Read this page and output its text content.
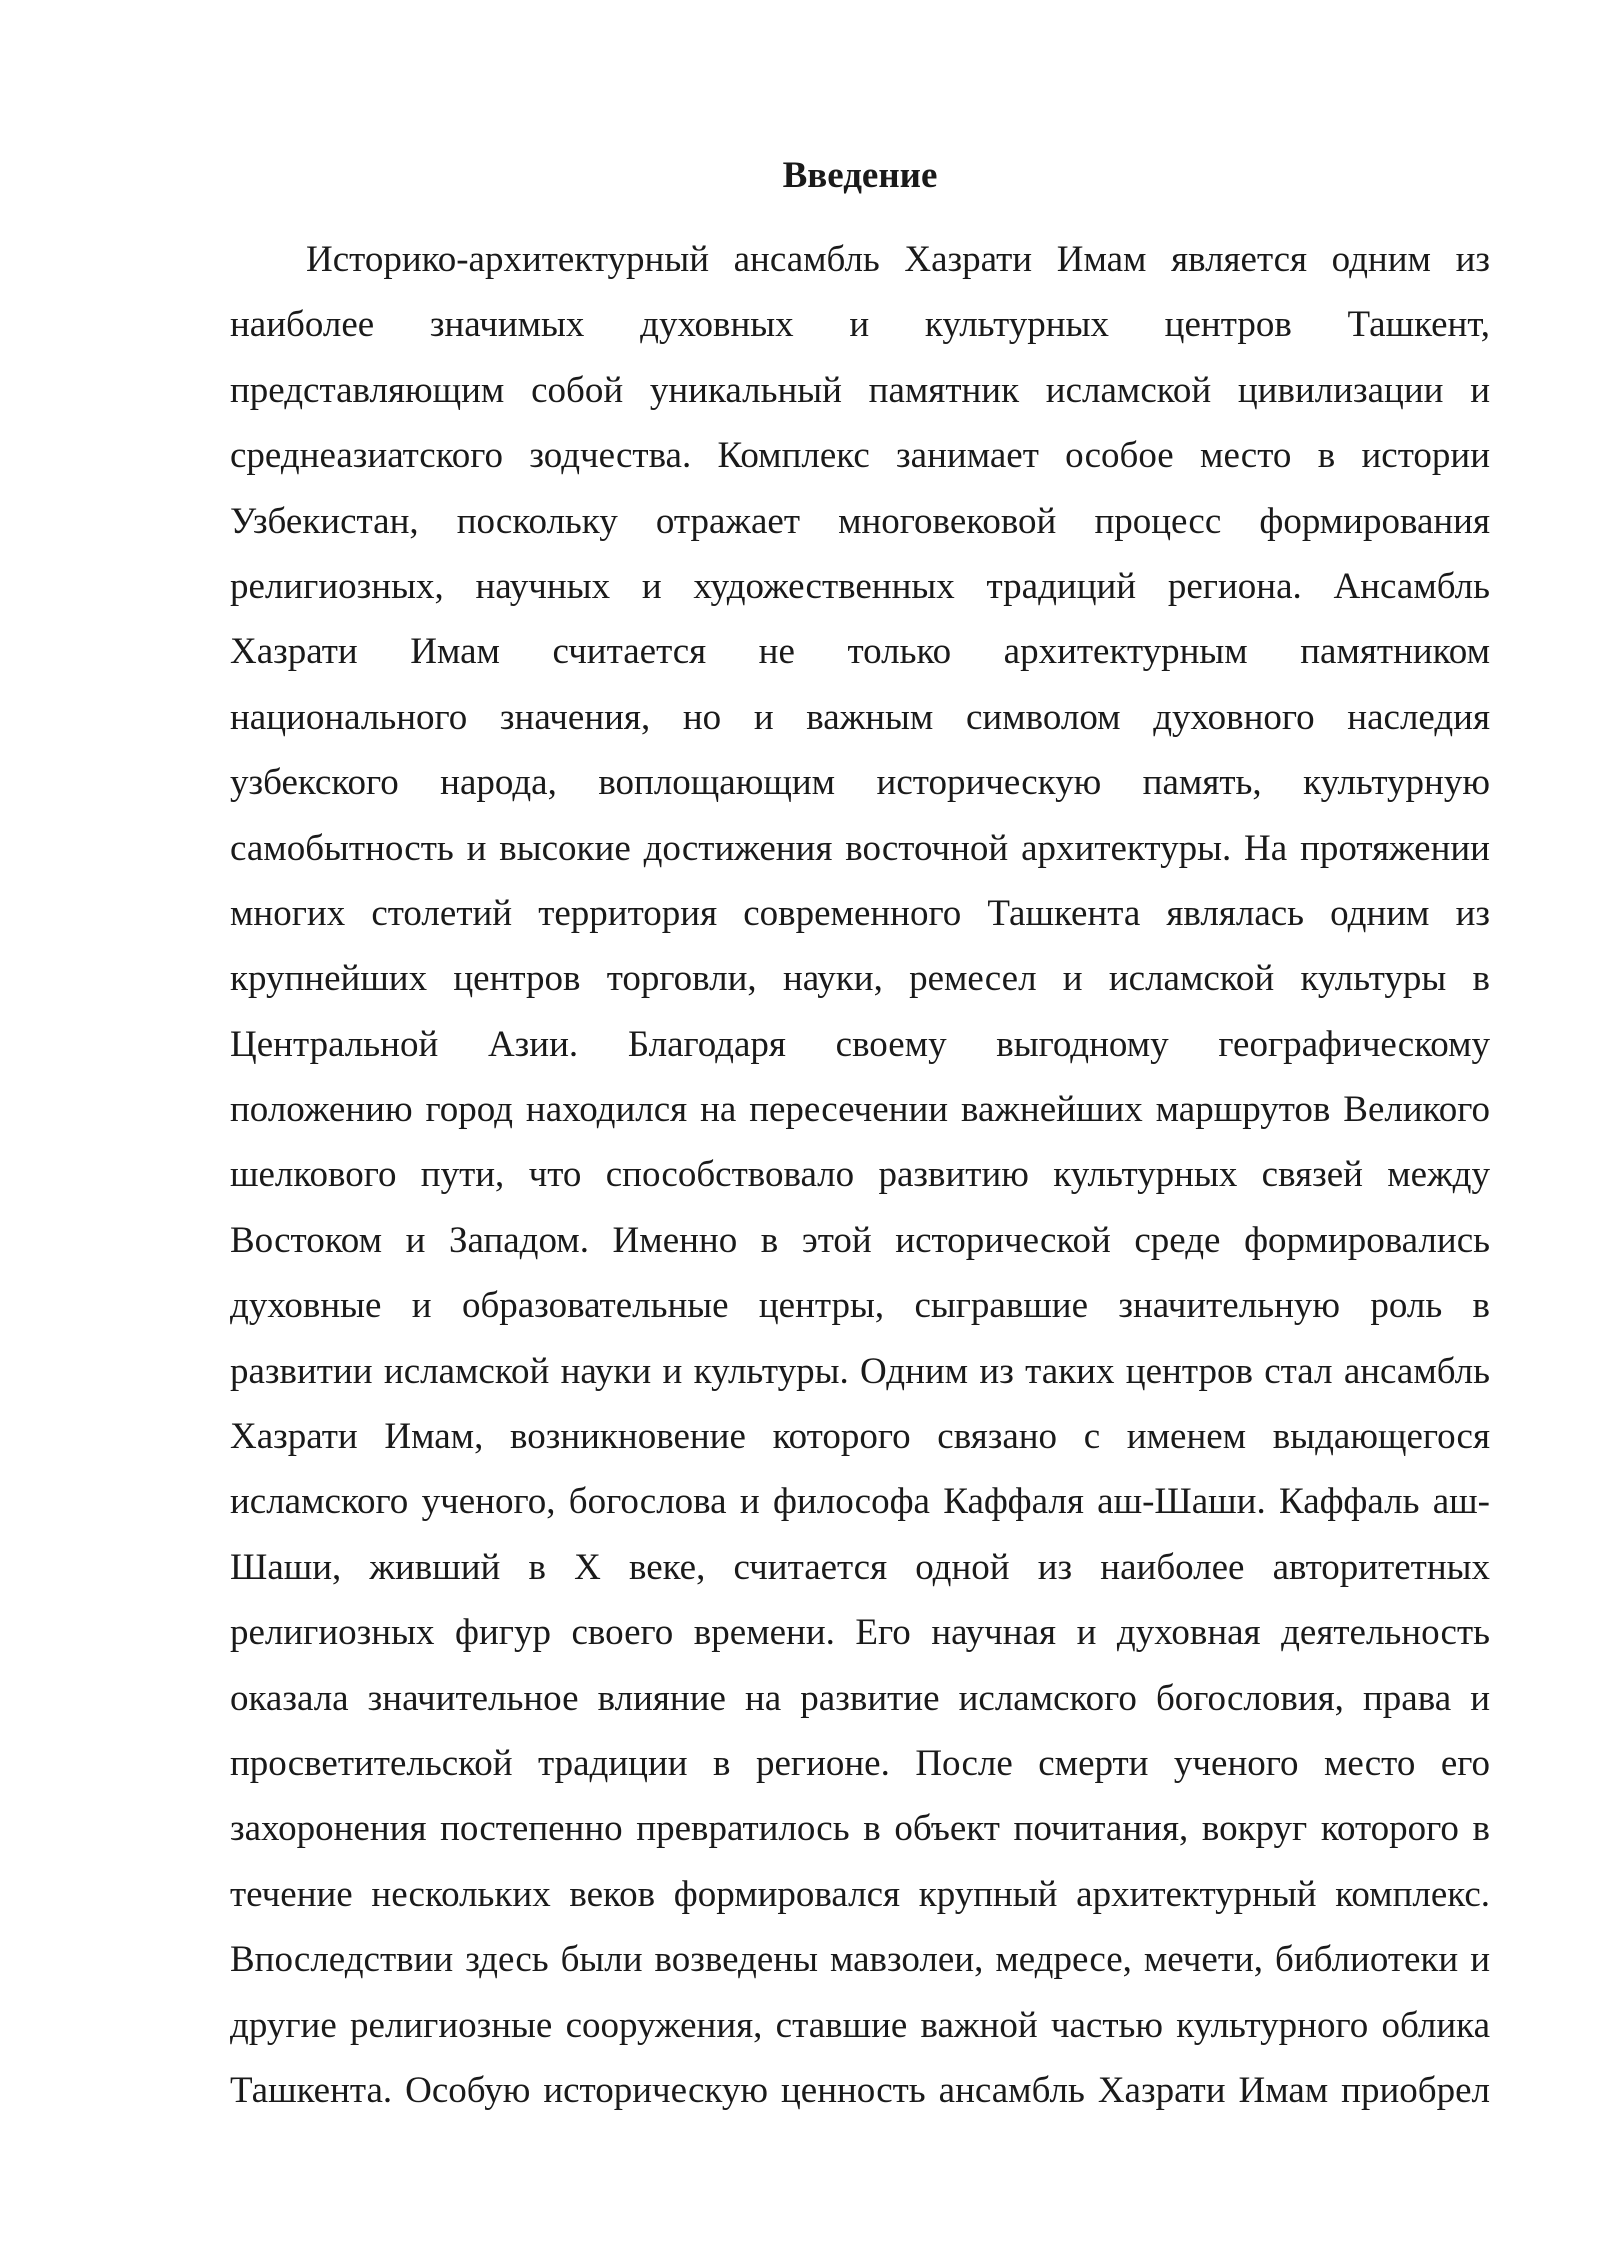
Введение
Историко-архитектурный ансамбль Хазрати Имам является одним из
наиболее значимых духовных и культурных центров Ташкент,
представляющим собой уникальный памятник исламской цивилизации и
среднеазиатского зодчества. Комплекс занимает особое место в истории
Узбекистан, поскольку отражает многовековой процесс формирования
религиозных, научных и художественных традиций региона. Ансамбль
Хазрати Имам считается не только архитектурным памятником
национального значения, но и важным символом духовного наследия
узбекского народа, воплощающим историческую память, культурную
самобытность и высокие достижения восточной архитектуры. На протяжении
многих столетий территория современного Ташкента являлась одним из
крупнейших центров торговли, науки, ремесел и исламской культуры в
Центральной Азии. Благодаря своему выгодному географическому
положению город находился на пересечении важнейших маршрутов Великого
шелкового пути, что способствовало развитию культурных связей между
Востоком и Западом. Именно в этой исторической среде формировались
духовные и образовательные центры, сыгравшие значительную роль в
развитии исламской науки и культуры. Одним из таких центров стал ансамбль
Хазрати Имам, возникновение которого связано с именем выдающегося
исламского ученого, богослова и философа Каффаля аш-Шаши. Каффаль аш-
Шаши, живший в X веке, считается одной из наиболее авторитетных
религиозных фигур своего времени. Его научная и духовная деятельность
оказала значительное влияние на развитие исламского богословия, права и
просветительской традиции в регионе. После смерти ученого место его
захоронения постепенно превратилось в объект почитания, вокруг которого в
течение нескольких веков формировался крупный архитектурный комплекс.
Впоследствии здесь были возведены мавзолеи, медресе, мечети, библиотеки и
другие религиозные сооружения, ставшие важной частью культурного облика
Ташкента. Особую историческую ценность ансамбль Хазрати Имам приобрел
